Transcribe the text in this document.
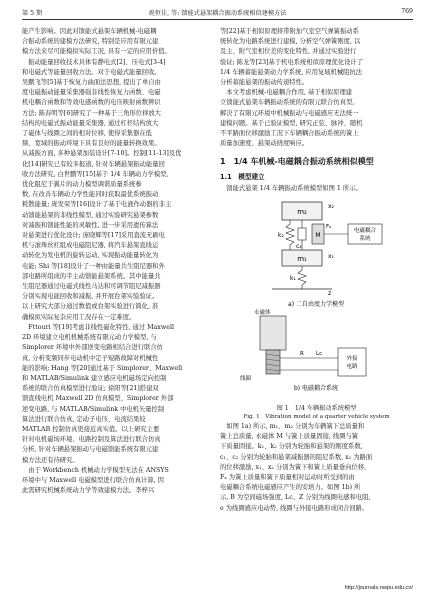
第 5 期	祝恒佳, 等: 馈能式悬架耦合振动系统相似建模方法	769
能产生影响。因此对馈能式悬架车辆机械-电磁耦
合振动系统的建模方法研究, 特别是应用有限元建
模方法来尽可能模拟实际工况, 具有一定的应用价值。
　振动能量回收技术具体有静电式[2]、压电式[3-4]
和电磁式等能量回收方法。对于电磁式能量回收,
吴鹏飞等[5]基于恢复力曲面法思想, 提出了单自由
度电磁振动能量采集器强非线性恢复力函数、电磁
机电耦合函数和等效电感函数的电压映射函数辨识
方法; 陈春明等[6]研究了一种基于三角形位移放大
结构的电磁式振动能量采集器, 通过杠杆结构放大
了磁体与线圈之间的相对位移, 使得采集器在低
频、宽域的振动环境下具有良好的能量转换效果。
从减振方面, 多种悬架加装设计[7-10]。控制[11-13]及优
化[14]研究已有较多报道, 针对车辆悬架振动能量回
收方法研究, 白世鹏等[15]基于 1/4 车辆动力学模型,
优化阻尼于翼片的动力模型调谐质量系统参
数, 在改善车辆动力学性能同时获取最优系统振动
耗散能量; 庞发荣等[16]设计了基于电液作动器的非主
动馈能悬架的非线性模型, 通过实验研究悬架参数
对减振和馈能性能的灵敏性, 进一步采用遗传算法
对悬架进行优化设计; 庞晓辉等[17]采用直流无刷电
机与滚珠丝杠组成电磁阻尼器, 将汽车悬架直线运
动转化为发电机的旋转运动, 实现振动能量转化为
电能; Shi 等[18]设计了一种由能量共生阻尼器和外
部电路所组成的半主动馈能悬架系统。其中能量共
生阻尼器通过电磁式线性马达和可调节阻尼减振器
分别实现电能回收和减振, 并开展台架实验验证。
以上研究大部分通过数值或台架实验进行简化, 准
确模拟实际复杂应用工况存在一定难度。
　Fttouri 等[19]考虑非线性磁化特性, 通过 Maxwell
2D 环境建立电机机械系统有限元动力学模型, 与
Simplorer 环境中外部逆变电路相结合进行联合仿
真, 分析变频同步电动机中定子短路故障对机械性
能的影响; Hang 等[20]通过基于 Simplorer、Maxwell
和 MATLAB/Simulink 建立感应电机磁场定向控制
系统的联合仿真模型进行验证; 徐阳等[21]搭建双
馈直线电机 Maxwell 2D 仿真模型、Simplorer 外部
逆变电路, 与 MATLAB/Simulink 中电机矢量控制
算法进行联合仿真, 定动子电压、电流结果较
MATLAB 控制仿真更接近真实值。以上研究主要
针对电机磁场环境、电路控制及算法进行联合仿真
分析, 针对车辆悬架振动与电磁馈能系统有限元建
模方法还有待研究。
　由于 Workbench 机械动力学模型无法在 ANSYS
环境中与 Maxwell 电磁模型进行联合仿真计算, 因
此需研究机械系统动力学等效建模方法。李梓兴
等[22]基于相似原理将带附加气室空气弹簧振动系
统转化为电路系统进行建模, 分析空气弹簧刚度, 以
及主、附气室相位差的变化特性, 并通过实验进行
验证; 陈龙等[23]基于机电系统相似原理优化设计了
1/4 车辆蓄能悬架动力学系统, 应用复域机械阻抗法
分析蓄能悬架的振动传递特性。
　本文考虑机械-电磁耦合作用, 基于相似原理建
立馈能式悬架车辆振动系统的有限元联合仿真型,
解决了有限元环境中机械振动与电磁感应无法统一
建模问题。基于已验证模型, 研究正弦、脉冲、随机
不平路面位移激励工况下车辆耦合振动系统的簧上
质量加速度、悬架动挠度响应。
1　1/4 车机械-电磁耦合振动系统相似模型
1.1　模型建立
　馈能式悬架 1/4 车辆振动系统模型如图 1 所示。
m₂
x₂
k₂
c₂
M
Fₐ
电磁耦合
系统
m₁	x₁
k₁
z
a) 二自由度力学模型
永磁体
线圈
R Lc
外接
电路
b) 电磁耦合系统
图 1　1/4 车辆振动系统模型
Fig. 1　Vibration model of a quarter vehicle system
　如图 1a) 所示, m₁、m₂ 分别为车辆簧下总质量和
簧上总质量, 永磁体 M 与簧上质量固接, 线圈与簧
下质量固接。k₁、k₂ 分别为轮胎和悬架的刚度系数,
c₁、c₂ 分别为轮胎和悬架减振器的阻尼系数, x₂ 为路面
的位移激励, x₁、x₂ 分别为簧下和簧上质量垂向位移,
Fₐ 为簧上质量和簧下质量相对运动时所受到的由
电磁耦合系统电磁感应产生的安培力。如图 1b) 所
示, B 为空间磁场强度, Lc、Z 分别为线圈电感和电阻,
e 为线圈感应电动势, 线圈与外接电路形成闭合回路。
http://journals.nwpu.edu.cn/
